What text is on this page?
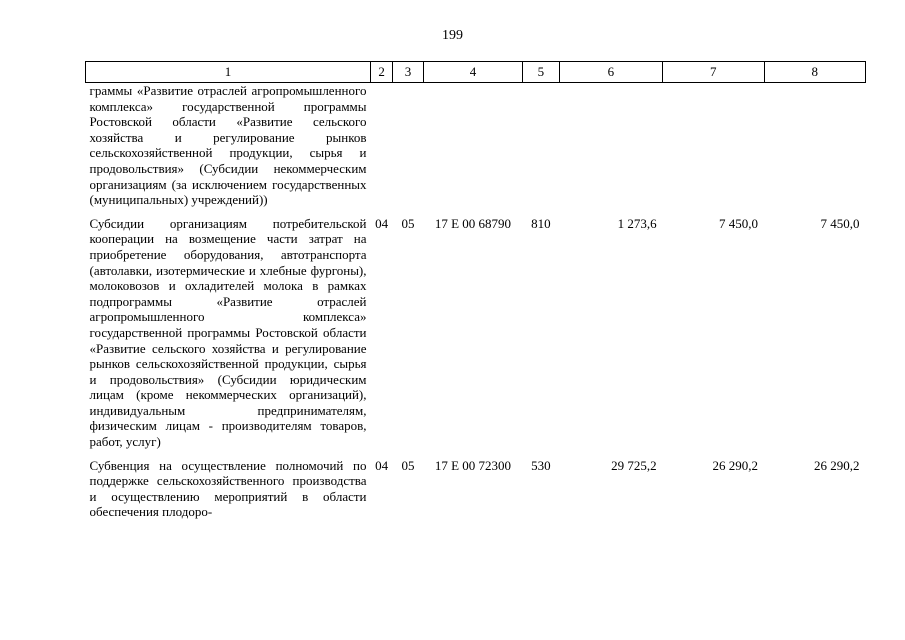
199
1	2	3	4	5	6	7	8
граммы «Развитие отраслей агропромышленного комплекса» государственной программы Ростовской области «Развитие сельского хозяйства и регулирование рынков сельскохозяйственной продукции, сырья и продовольствия» (Субсидии некоммерческим организациям (за исключением государственных (муниципальных) учреждений))							
Субсидии организациям потребительской кооперации на возмещение части затрат на приобретение оборудования, автотранспорта (автолавки, изотермические и хлебные фургоны), молоковозов и охладителей молока в рамках подпрограммы «Развитие отраслей агропромышленного комплекса» государственной программы Ростовской области «Развитие сельского хозяйства и регулирование рынков сельскохозяйственной продукции, сырья и продовольствия» (Субсидии юридическим лицам (кроме некоммерческих организаций), индивидуальным предпринимателям, физическим лицам - производителям товаров, работ, услуг)	04	05	17 Е 00 68790	810	1 273,6	7 450,0	7 450,0
Субвенция на осуществление полномочий по поддержке сельскохозяйственного производства и осуществлению мероприятий в области обеспечения плодоро-	04	05	17 Е 00 72300	530	29 725,2	26 290,2	26 290,2
